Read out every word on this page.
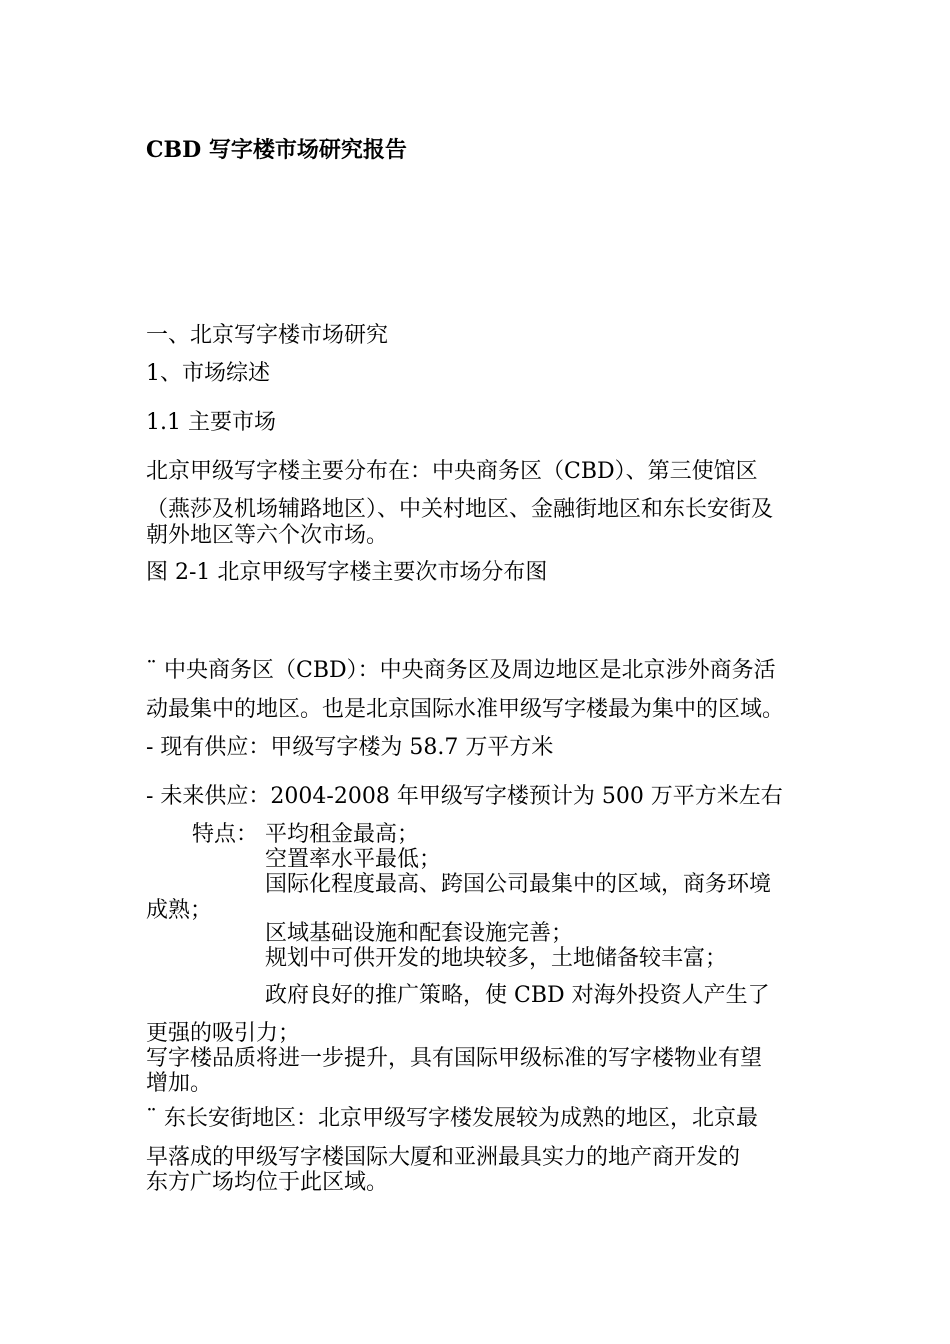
CBD 写字楼市场研究报告
一、北京写字楼市场研究
1、市场综述
1.1 主要市场
北京甲级写字楼主要分布在：中央商务区（CBD）、第三使馆区
（燕莎及机场辅路地区）、中关村地区、金融街地区和东长安街及
朝外地区等六个次市场。
图 2-1 北京甲级写字楼主要次市场分布图
¨ 中央商务区（CBD）：中央商务区及周边地区是北京涉外商务活
动最集中的地区。也是北京国际水准甲级写字楼最为集中的区域。
- 现有供应：甲级写字楼为 58.7 万平方米
- 未来供应：2004-2008 年甲级写字楼预计为 500 万平方米左右
特点： 平均租金最高；
空置率水平最低；
国际化程度最高、跨国公司最集中的区域，商务环境
成熟；
区域基础设施和配套设施完善；
规划中可供开发的地块较多，土地储备较丰富；
政府良好的推广策略，使 CBD 对海外投资人产生了
更强的吸引力；
写字楼品质将进一步提升，具有国际甲级标准的写字楼物业有望
增加。
¨ 东长安街地区：北京甲级写字楼发展较为成熟的地区，北京最
早落成的甲级写字楼国际大厦和亚洲最具实力的地产商开发的
东方广场均位于此区域。
